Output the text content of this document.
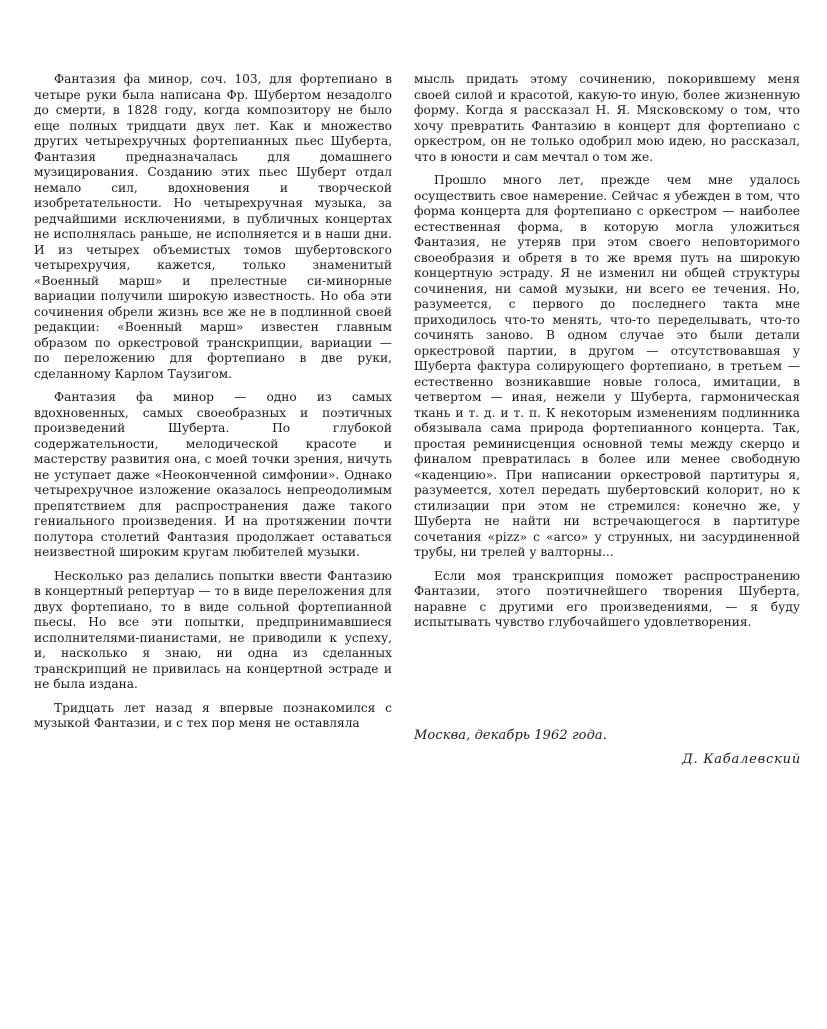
Фантазия фа минор, соч. 103, для фортепиано в четыре руки была написана Фр. Шубертом незадолго до смерти, в 1828 году, когда композитору не было еще полных тридцати двух лет. Как и множество других четырехручных фортепианных пьес Шуберта, Фантазия предназначалась для домашнего музицирования. Созданию этих пьес Шуберт отдал немало сил, вдохновения и творческой изобретательности. Но четырехручная музыка, за редчайшими исключениями, в публичных концертах не исполнялась раньше, не исполняется и в наши дни. И из четырех объемистых томов шубертовского четырехручия, кажется, только знаменитый «Военный марш» и прелестные си-минорные вариации получили широкую известность. Но оба эти сочинения обрели жизнь все же не в подлинной своей редакции: «Военный марш» известен главным образом по оркестровой транскрипции, вариации — по переложению для фортепиано в две руки, сделанному Карлом Таузигом.

Фантазия фа минор — одно из самых вдохновенных, самых своеобразных и поэтичных произведений Шуберта. По глубокой содержательности, мелодической красоте и мастерству развития она, с моей точки зрения, ничуть не уступает даже «Неоконченной симфонии». Однако четырехручное изложение оказалось непреодолимым препятствием для распространения даже такого гениального произведения. И на протяжении почти полутора столетий Фантазия продолжает оставаться неизвестной широким кругам любителей музыки.

Несколько раз делались попытки ввести Фантазию в концертный репертуар — то в виде переложения для двух фортепиано, то в виде сольной фортепианной пьесы. Но все эти попытки, предпринимавшиеся исполнителями-пианистами, не приводили к успеху, и, насколько я знаю, ни одна из сделанных транскрипций не привилась на концертной эстраде и не была издана.

Тридцать лет назад я впервые познакомился с музыкой Фантазии, и с тех пор меня не оставляла

мысль придать этому сочинению, покорившему меня своей силой и красотой, какую-то иную, более жизненную форму. Когда я рассказал Н. Я. Мясковскому о том, что хочу превратить Фантазию в концерт для фортепиано с оркестром, он не только одобрил мою идею, но рассказал, что в юности и сам мечтал о том же.

Прошло много лет, прежде чем мне удалось осуществить свое намерение. Сейчас я убежден в том, что форма концерта для фортепиано с оркестром — наиболее естественная форма, в которую могла уложиться Фантазия, не утеряв при этом своего неповторимого своеобразия и обретя в то же время путь на широкую концертную эстраду. Я не изменил ни общей структуры сочинения, ни самой музыки, ни всего ее течения. Но, разумеется, с первого до последнего такта мне приходилось что-то менять, что-то переделывать, что-то сочинять заново. В одном случае это были детали оркестровой партии, в другом — отсутствовавшая у Шуберта фактура солирующего фортепиано, в третьем — естественно возникавшие новые голоса, имитации, в четвертом — иная, нежели у Шуберта, гармоническая ткань и т. д. и т. п. К некоторым изменениям подлинника обязывала сама природа фортепианного концерта. Так, простая реминисценция основной темы между скерцо и финалом превратилась в более или менее свободную «каденцию». При написании оркестровой партитуры я, разумеется, хотел передать шубертовский колорит, но к стилизации при этом не стремился: конечно же, у Шуберта не найти ни встречающегося в партитуре сочетания «pizz» с «arco» у струнных, ни засурдиненной трубы, ни трелей у валторны...

Если моя транскрипция поможет распространению Фантазии, этого поэтичнейшего творения Шуберта, наравне с другими его произведениями, — я буду испытывать чувство глубочайшего удовлетворения.

Москва, декабрь 1962 года.
Д. Кабалевский
